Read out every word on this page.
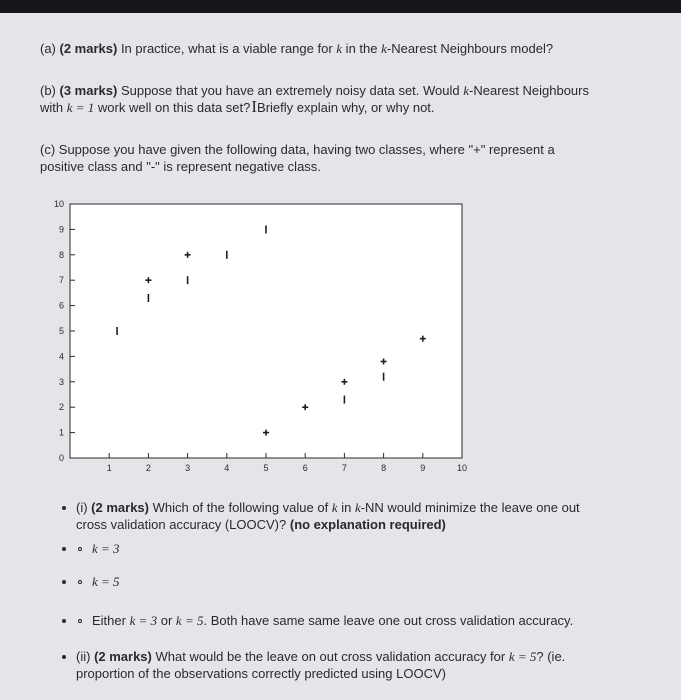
(a) (2 marks) In practice, what is a viable range for k in the k-Nearest Neighbours model?
(b) (3 marks) Suppose that you have an extremely noisy data set. Would k-Nearest Neighbours
with k = 1 work well on this data set?IBriefly explain why, or why not.
(c) Suppose you have given the following data, having two classes, where "+" represent a
positive class and "-" is represent negative class.
1	2	3	4	5	6	7	8	9	10
0
1
2
3
4
5
6
7
8
9
10
(i) (2 marks) Which of the following value of k in k-NN would minimize the leave one out
cross validation accuracy (LOOCV)? (no explanation required)
k = 3
k = 5
Either k = 3 or k = 5. Both have same same leave one out cross validation accuracy.
(ii) (2 marks) What would be the leave on out cross validation accuracy for k = 5? (ie.
proportion of the observations correctly predicted using LOOCV)
